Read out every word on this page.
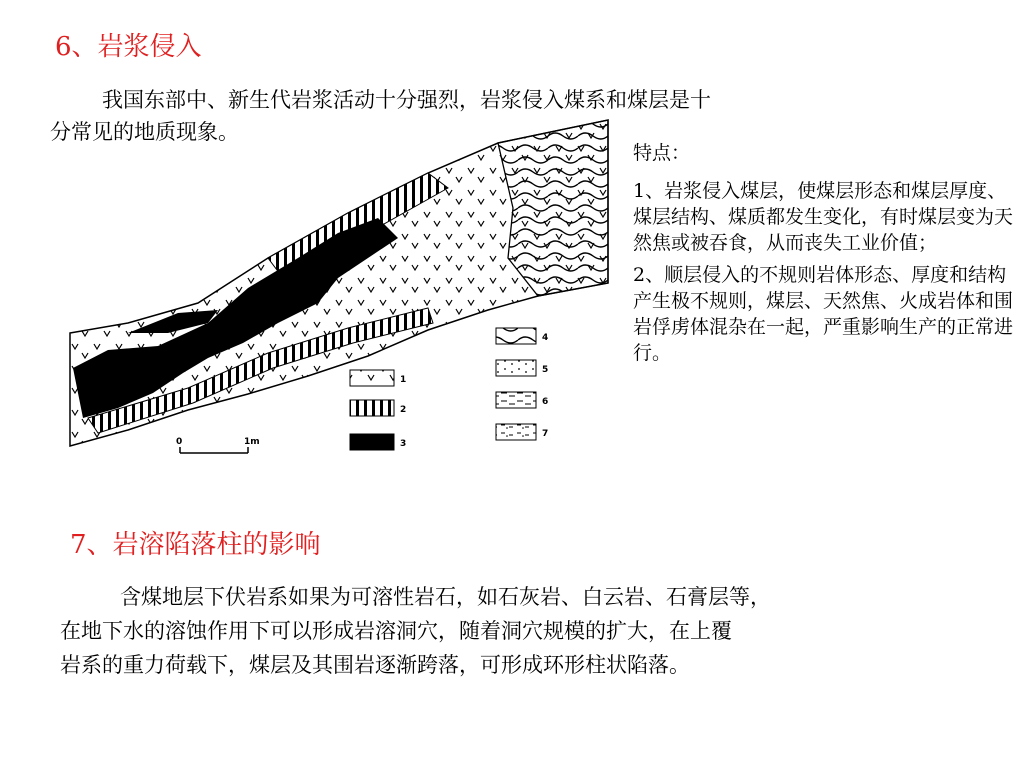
6、岩浆侵入
我国东部中、新生代岩浆活动十分强烈，岩浆侵入煤系和煤层是十
分常见的地质现象。
1
2
3
4
5
6
7
0	1m

特点：

1、岩浆侵入煤层，使煤层形态和煤层厚度、煤层结构、煤质都发生变化，有时煤层变为天然焦或被吞食，从而丧失工业价值；

2、顺层侵入的不规则岩体形态、厚度和结构产生极不规则，煤层、天然焦、火成岩体和围岩俘虏体混杂在一起，严重影响生产的正常进行。

7、岩溶陷落柱的影响
含煤地层下伏岩系如果为可溶性岩石，如石灰岩、白云岩、石膏层等，
在地下水的溶蚀作用下可以形成岩溶洞穴，随着洞穴规模的扩大，在上覆
岩系的重力荷载下，煤层及其围岩逐渐跨落，可形成环形柱状陷落。
